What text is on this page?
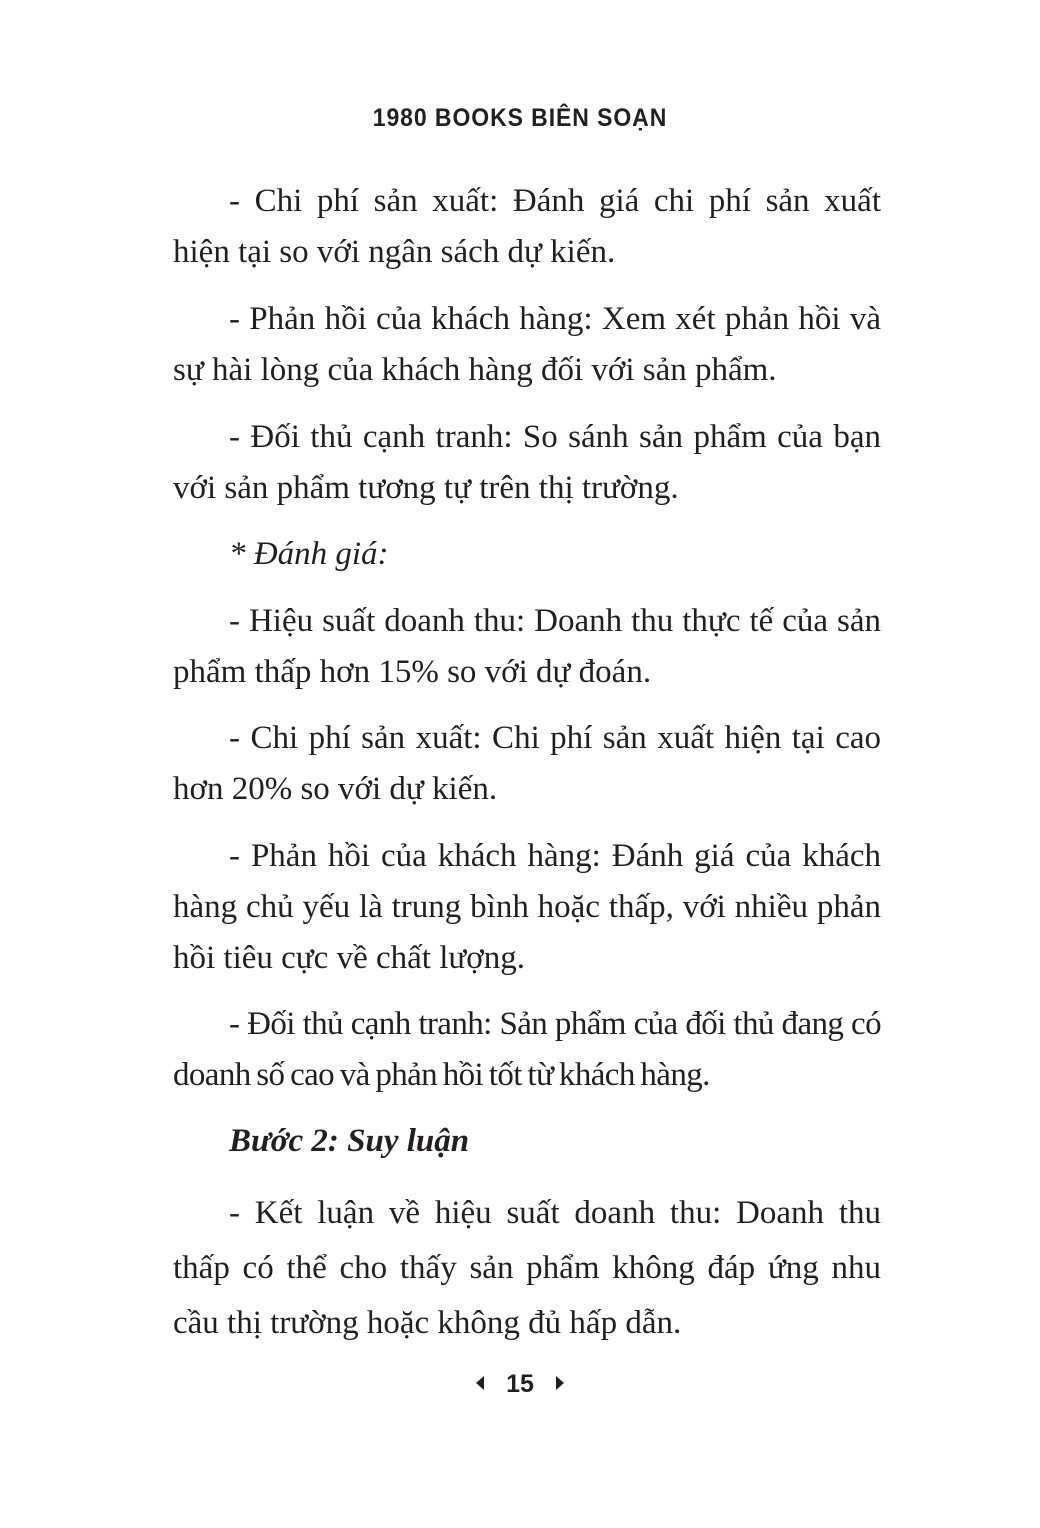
1980 BOOKS BIÊN SOẠN

- Chi phí sản xuất: Đánh giá chi phí sản xuất hiện tại so với ngân sách dự kiến.

- Phản hồi của khách hàng: Xem xét phản hồi và sự hài lòng của khách hàng đối với sản phẩm.

- Đối thủ cạnh tranh: So sánh sản phẩm của bạn với sản phẩm tương tự trên thị trường.

* Đánh giá:

- Hiệu suất doanh thu: Doanh thu thực tế của sản phẩm thấp hơn 15% so với dự đoán.

- Chi phí sản xuất: Chi phí sản xuất hiện tại cao hơn 20% so với dự kiến.

- Phản hồi của khách hàng: Đánh giá của khách hàng chủ yếu là trung bình hoặc thấp, với nhiều phản hồi tiêu cực về chất lượng.

- Đối thủ cạnh tranh: Sản phẩm của đối thủ đang có doanh số cao và phản hồi tốt từ khách hàng.

Bước 2: Suy luận

- Kết luận về hiệu suất doanh thu: Doanh thu thấp có thể cho thấy sản phẩm không đáp ứng nhu cầu thị trường hoặc không đủ hấp dẫn.

15
